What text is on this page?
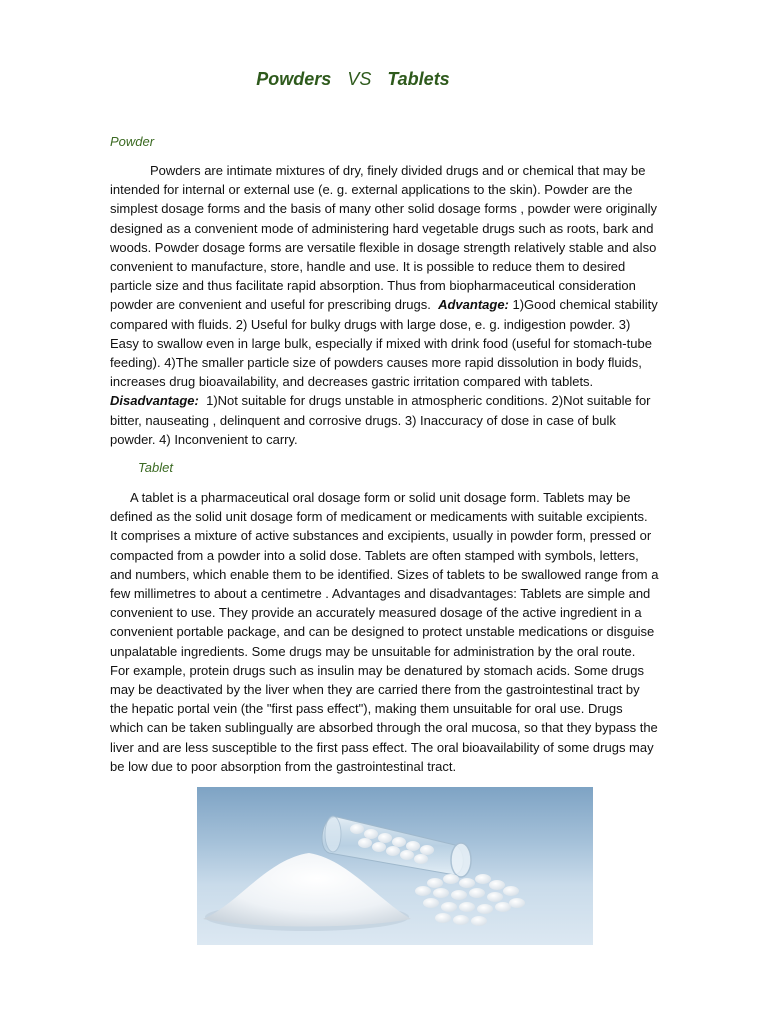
Powders VS Tablets
Powder
Powders are intimate mixtures of dry, finely divided drugs and or chemical that may be
intended for internal or external use (e. g. external applications to the skin). Powder are the
simplest dosage forms and the basis of many other solid dosage forms , powder were originally
designed as a convenient mode of administering hard vegetable drugs such as roots, bark and
woods. Powder dosage forms are versatile flexible in dosage strength relatively stable and also
convenient to manufacture, store, handle and use. It is possible to reduce them to desired
particle size and thus facilitate rapid absorption. Thus from biopharmaceutical consideration
powder are convenient and useful for prescribing drugs.  Advantage: 1)Good chemical stability
compared with fluids. 2) Useful for bulky drugs with large dose, e. g. indigestion powder. 3)
Easy to swallow even in large bulk, especially if mixed with drink food (useful for stomach-tube
feeding). 4)The smaller particle size of powders causes more rapid dissolution in body fluids,
increases drug bioavailability, and decreases gastric irritation compared with tablets.
Disadvantage:  1)Not suitable for drugs unstable in atmospheric conditions. 2)Not suitable for
bitter, nauseating , delinquent and corrosive drugs. 3) Inaccuracy of dose in case of bulk
powder. 4) Inconvenient to carry.
Tablet
A tablet is a pharmaceutical oral dosage form or solid unit dosage form. Tablets may be
defined as the solid unit dosage form of medicament or medicaments with suitable excipients.
It comprises a mixture of active substances and excipients, usually in powder form, pressed or
compacted from a powder into a solid dose. Tablets are often stamped with symbols, letters,
and numbers, which enable them to be identified. Sizes of tablets to be swallowed range from a
few millimetres to about a centimetre . Advantages and disadvantages: Tablets are simple and
convenient to use. They provide an accurately measured dosage of the active ingredient in a
convenient portable package, and can be designed to protect unstable medications or disguise
unpalatable ingredients. Some drugs may be unsuitable for administration by the oral route.
For example, protein drugs such as insulin may be denatured by stomach acids. Some drugs
may be deactivated by the liver when they are carried there from the gastrointestinal tract by
the hepatic portal vein (the "first pass effect"), making them unsuitable for oral use. Drugs
which can be taken sublingually are absorbed through the oral mucosa, so that they bypass the
liver and are less susceptible to the first pass effect. The oral bioavailability of some drugs may
be low due to poor absorption from the gastrointestinal tract.
